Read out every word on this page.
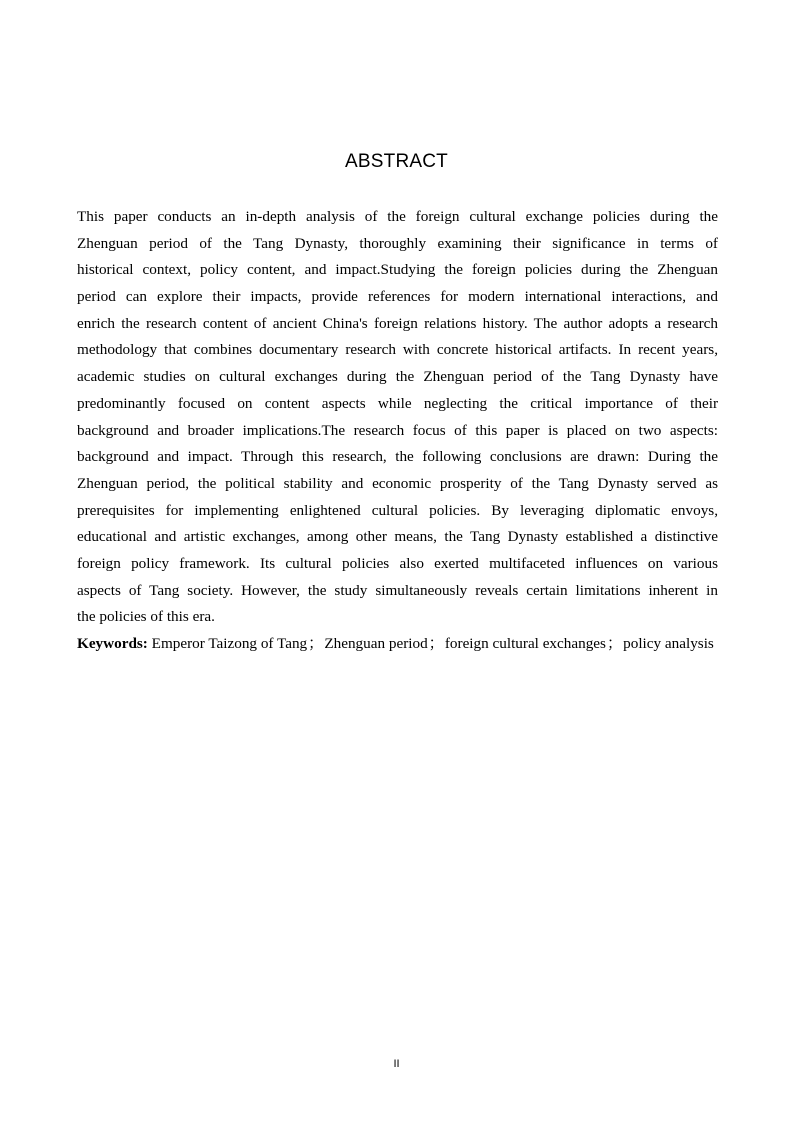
ABSTRACT
This paper conducts an in-depth analysis of the foreign cultural exchange policies during the
Zhenguan period of the Tang Dynasty, thoroughly examining their significance in terms of
historical context, policy content, and impact.Studying the foreign policies during the Zhenguan
period can explore their impacts, provide references for modern international interactions, and
enrich the research content of ancient China's foreign relations history. The author adopts a research
methodology that combines documentary research with concrete historical artifacts. In recent years,
academic studies on cultural exchanges during the Zhenguan period of the Tang Dynasty have
predominantly focused on content aspects while neglecting the critical importance of their
background and broader implications.The research focus of this paper is placed on two aspects:
background and impact. Through this research, the following conclusions are drawn: During the
Zhenguan period, the political stability and economic prosperity of the Tang Dynasty served as
prerequisites for implementing enlightened cultural policies. By leveraging diplomatic envoys,
educational and artistic exchanges, among other means, the Tang Dynasty established a distinctive
foreign policy framework. Its cultural policies also exerted multifaceted influences on various
aspects of Tang society. However, the study simultaneously reveals certain limitations inherent in
the policies of this era.
Keywords: Emperor Taizong of Tang；Zhenguan period；foreign cultural exchanges；policy analysis
II
